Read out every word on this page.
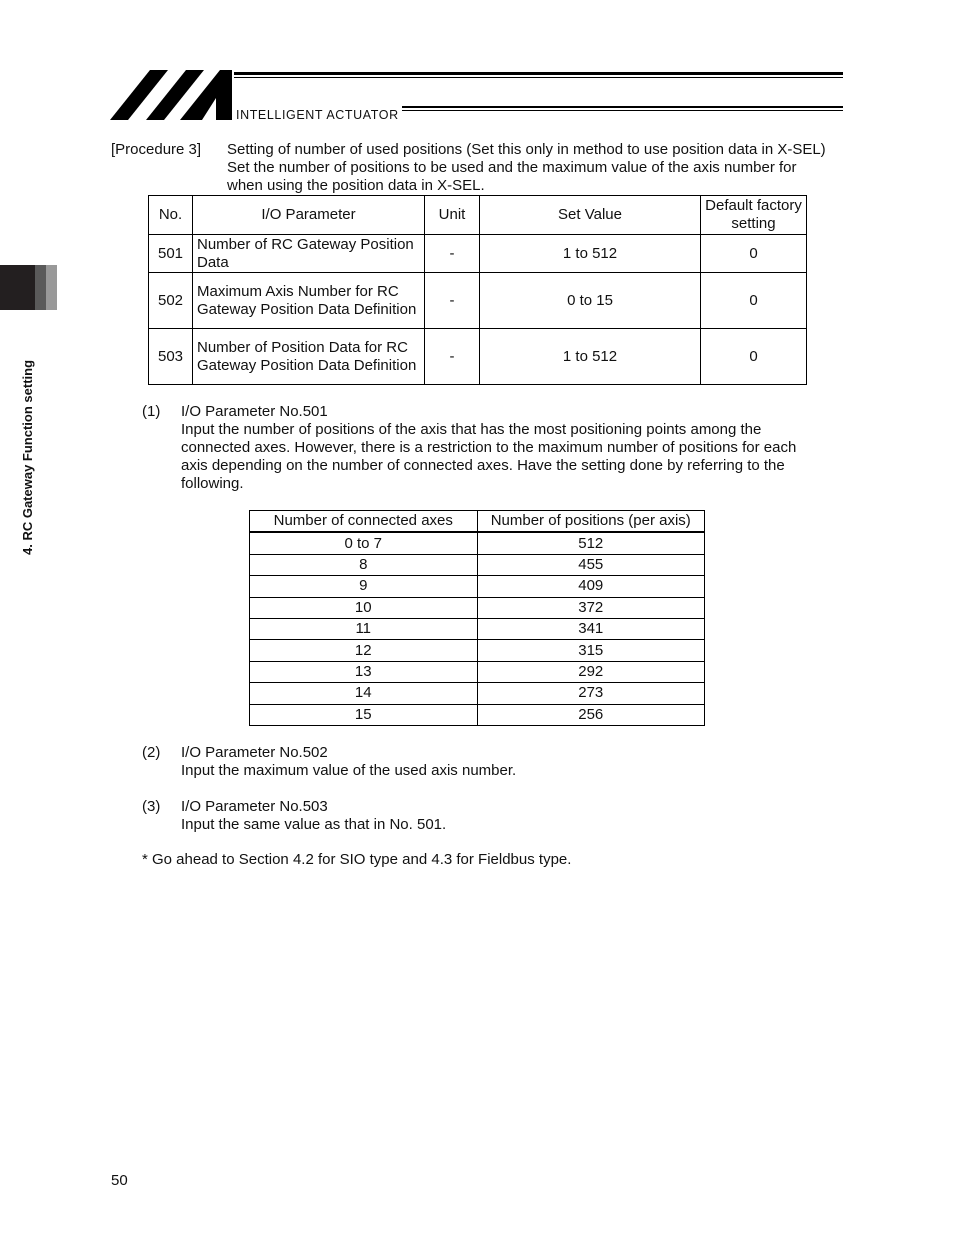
INTELLIGENT ACTUATOR
4. RC Gateway Function setting
[Procedure 3] Setting of number of used positions (Set this only in method to use position data in X-SEL)
Set the number of positions to be used and the maximum value of the axis number for
when using the position data in X-SEL.
No.	I/O Parameter	Unit	Set Value	Default factory setting
501	Number of RC Gateway Position Data	-	1 to 512	0
502	Maximum Axis Number for RC Gateway Position Data Definition	-	0 to 15	0
503	Number of Position Data for RC Gateway Position Data Definition	-	1 to 512	0
(1) I/O Parameter No.501
Input the number of positions of the axis that has the most positioning points among the
connected axes. However, there is a restriction to the maximum number of positions for each
axis depending on the number of connected axes. Have the setting done by referring to the
following.
Number of connected axes	Number of positions (per axis)
0 to 7	512
8	455
9	409
10	372
11	341
12	315
13	292
14	273
15	256
(2) I/O Parameter No.502
Input the maximum value of the used axis number.
(3) I/O Parameter No.503
Input the same value as that in No. 501.
* Go ahead to Section 4.2 for SIO type and 4.3 for Fieldbus type.
50
